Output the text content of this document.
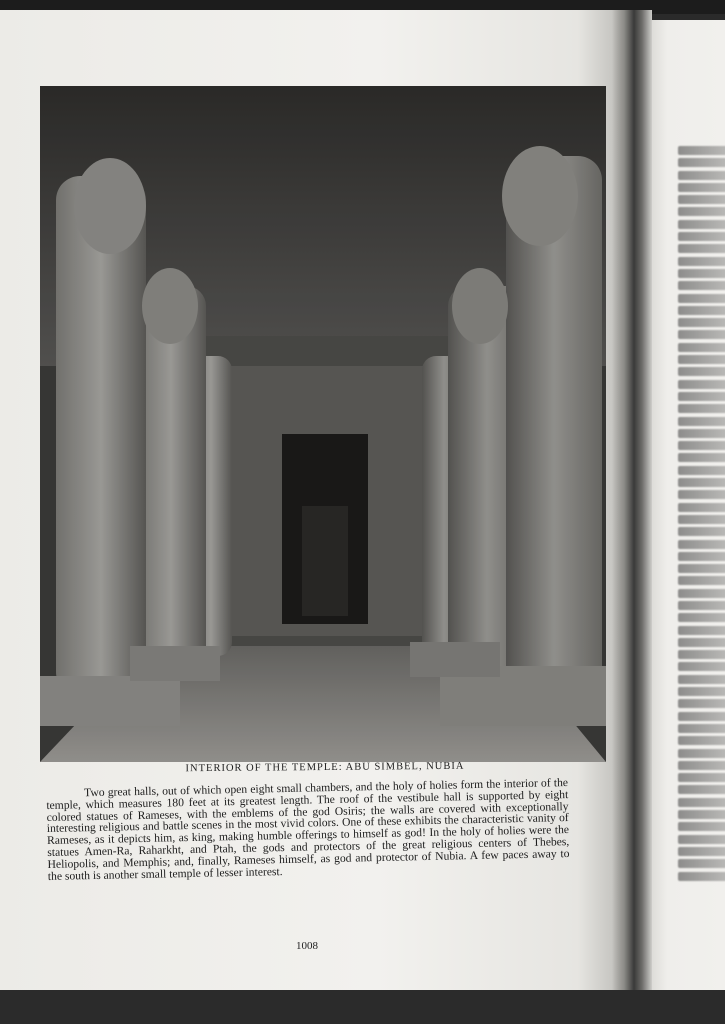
INTERIOR OF THE TEMPLE: ABU SIMBEL, NUBIA

Two great halls, out of which open eight small chambers, and the holy of holies form the interior of the temple, which measures 180 feet at its greatest length. The roof of the vestibule hall is supported by eight colored statues of Rameses, with the emblems of the god Osiris; the walls are covered with exceptionally interesting religious and battle scenes in the most vivid colors. One of these exhibits the characteristic vanity of Rameses, as it depicts him, as king, making humble offerings to himself as god! In the holy of holies were the statues Amen-Ra, Raharkht, and Ptah, the gods and protectors of the great religious centers of Thebes, Heliopolis, and Memphis; and, finally, Rameses himself, as god and protector of Nubia. A few paces away to the south is another small temple of lesser interest.

1008
